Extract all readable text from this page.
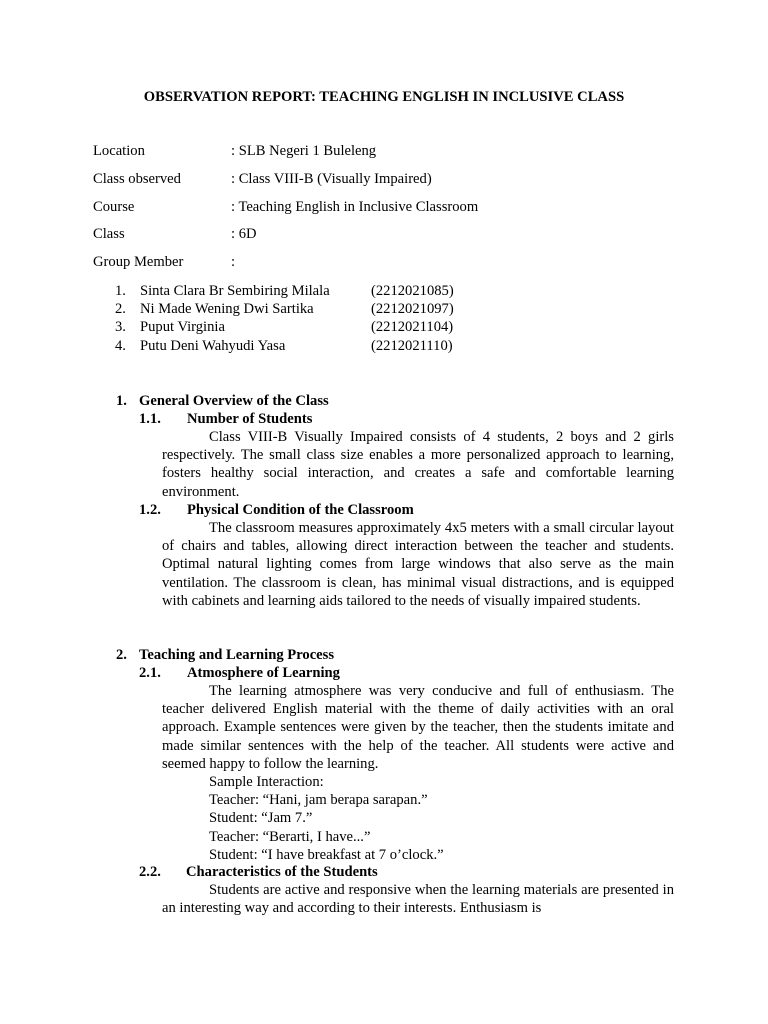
OBSERVATION REPORT: TEACHING ENGLISH IN INCLUSIVE CLASS
Location	: SLB Negeri 1 Buleleng
Class observed	: Class VIII-B (Visually Impaired)
Course	: Teaching English in Inclusive Classroom
Class	: 6D
Group Member	:
1. Sinta Clara Br Sembiring Milala	(2212021085)
2. Ni Made Wening Dwi Sartika	(2212021097)
3. Puput Virginia	(2212021104)
4. Putu Deni Wahyudi Yasa	(2212021110)
1. General Overview of the Class
1.1. Number of Students
Class VIII-B Visually Impaired consists of 4 students, 2 boys and 2 girls respectively. The small class size enables a more personalized approach to learning, fosters healthy social interaction, and creates a safe and comfortable learning environment.
1.2. Physical Condition of the Classroom
The classroom measures approximately 4x5 meters with a small circular layout of chairs and tables, allowing direct interaction between the teacher and students. Optimal natural lighting comes from large windows that also serve as the main ventilation. The classroom is clean, has minimal visual distractions, and is equipped with cabinets and learning aids tailored to the needs of visually impaired students.
2. Teaching and Learning Process
2.1. Atmosphere of Learning
The learning atmosphere was very conducive and full of enthusiasm. The teacher delivered English material with the theme of daily activities with an oral approach. Example sentences were given by the teacher, then the students imitate and made similar sentences with the help of the teacher. All students were active and seemed happy to follow the learning.
Sample Interaction:
Teacher: “Hani, jam berapa sarapan.”
Student: “Jam 7.”
Teacher: “Berarti, I have...”
Student: “I have breakfast at 7 o’clock.”
2.2. Characteristics of the Students
Students are active and responsive when the learning materials are presented in an interesting way and according to their interests. Enthusiasm is
